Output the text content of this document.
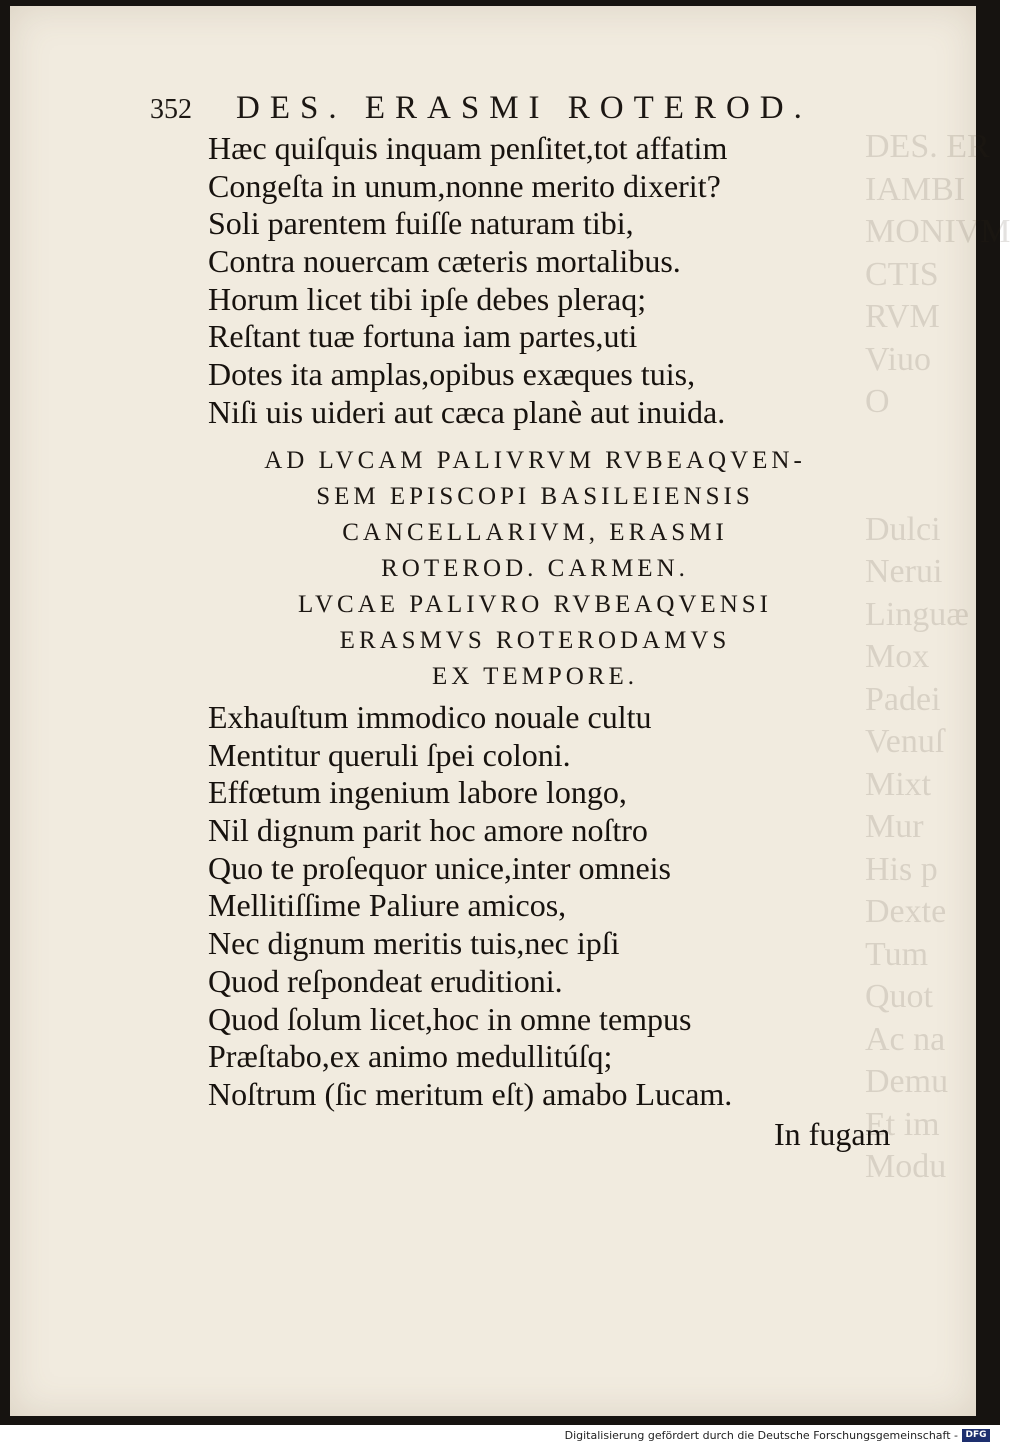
DES. ER
IAMBI
MONIVM
CTIS
RVM
Viuo
O
Dulci
Nerui
Linguæ
Mox
Padei
Venuſ
Mixt
Mur
His p
Dexte
Tum
Quot
Ac na
Demu
Et im
Modu
352 DES. ERASMI ROTEROD.
Hæc quiſquis inquam penſitet,tot affatim
Congeſta in unum,nonne merito dixerit?
Soli parentem fuiſſe naturam tibi,
Contra nouercam cæteris mortalibus.
Horum licet tibi ipſe debes pleraq;
Reſtant tuæ fortuna iam partes,uti
Dotes ita amplas,opibus exæques tuis,
Niſi uis uideri aut cæca planè aut inuida.
AD LVCAM PALIVRVM RVBEAQVEN-
SEM EPISCOPI BASILEIENSIS
CANCELLARIVM, ERASMI
ROTEROD. CARMEN.
LVCAE PALIVRO RVBEAQVENSI
ERASMVS ROTERODAMVS
EX TEMPORE.
Exhauſtum immodico nouale cultu
Mentitur queruli ſpei coloni.
Effœtum ingenium labore longo,
Nil dignum parit hoc amore noſtro
Quo te proſequor unice,inter omneis
Mellitiſſime Paliure amicos,
Nec dignum meritis tuis,nec ipſi
Quod reſpondeat eruditioni.
Quod ſolum licet,hoc in omne tempus
Præſtabo,ex animo medullitúſq;
Noſtrum (ſic meritum eſt) amabo Lucam.
In fugam
Digitalisierung gefördert durch die Deutsche Forschungsgemeinschaft - DFG
